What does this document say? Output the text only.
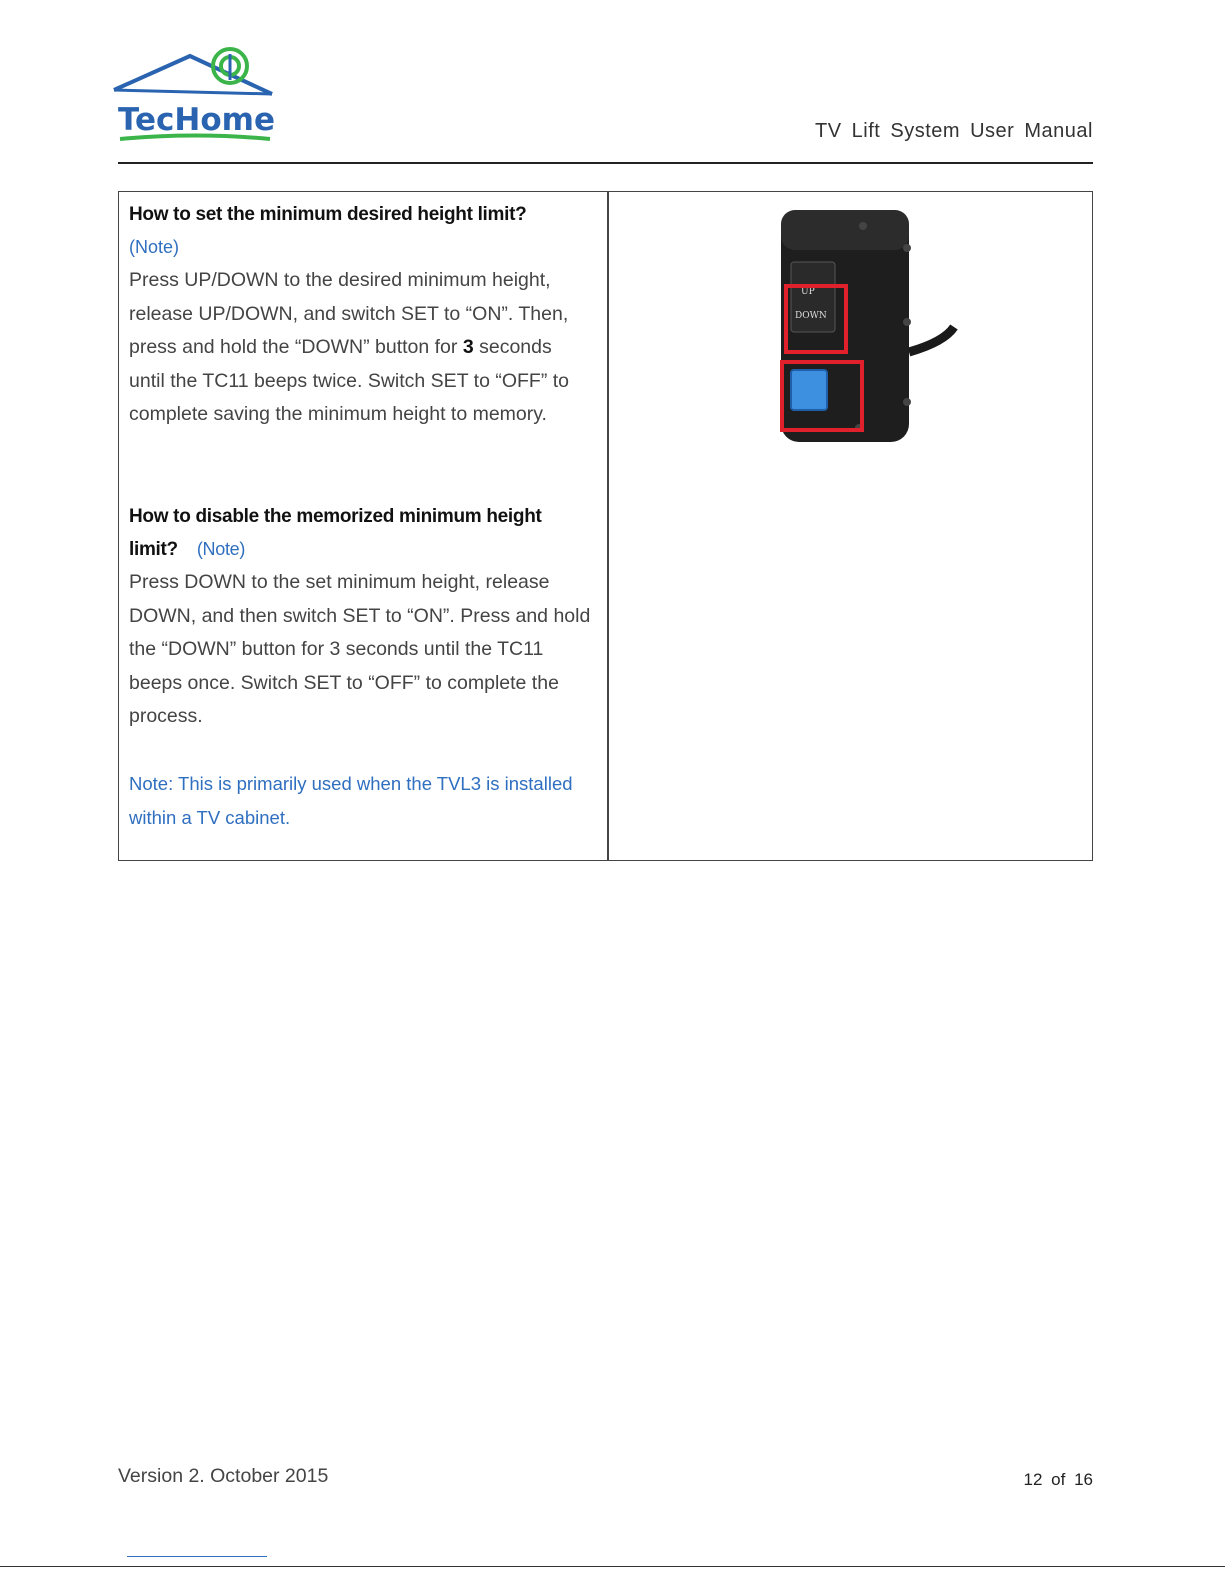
TecHome	TV Lift System User Manual
How to set the minimum desired height limit?
(Note)
Press UP/DOWN to the desired minimum height,
release UP/DOWN, and switch SET to “ON”. Then,
press and hold the “DOWN” button for 3 seconds
until the TC11 beeps twice. Switch SET to “OFF” to
complete saving the minimum height to memory.
How to disable the memorized minimum height
limit? (Note)
Press DOWN to the set minimum height, release
DOWN, and then switch SET to “ON”. Press and hold
the “DOWN” button for 3 seconds until the TC11
beeps once. Switch SET to “OFF” to complete the
process.
Note: This is primarily used when the TVL3 is installed
within a TV cabinet.
UP
DOWN
Version 2. October 2015	12 of 16
